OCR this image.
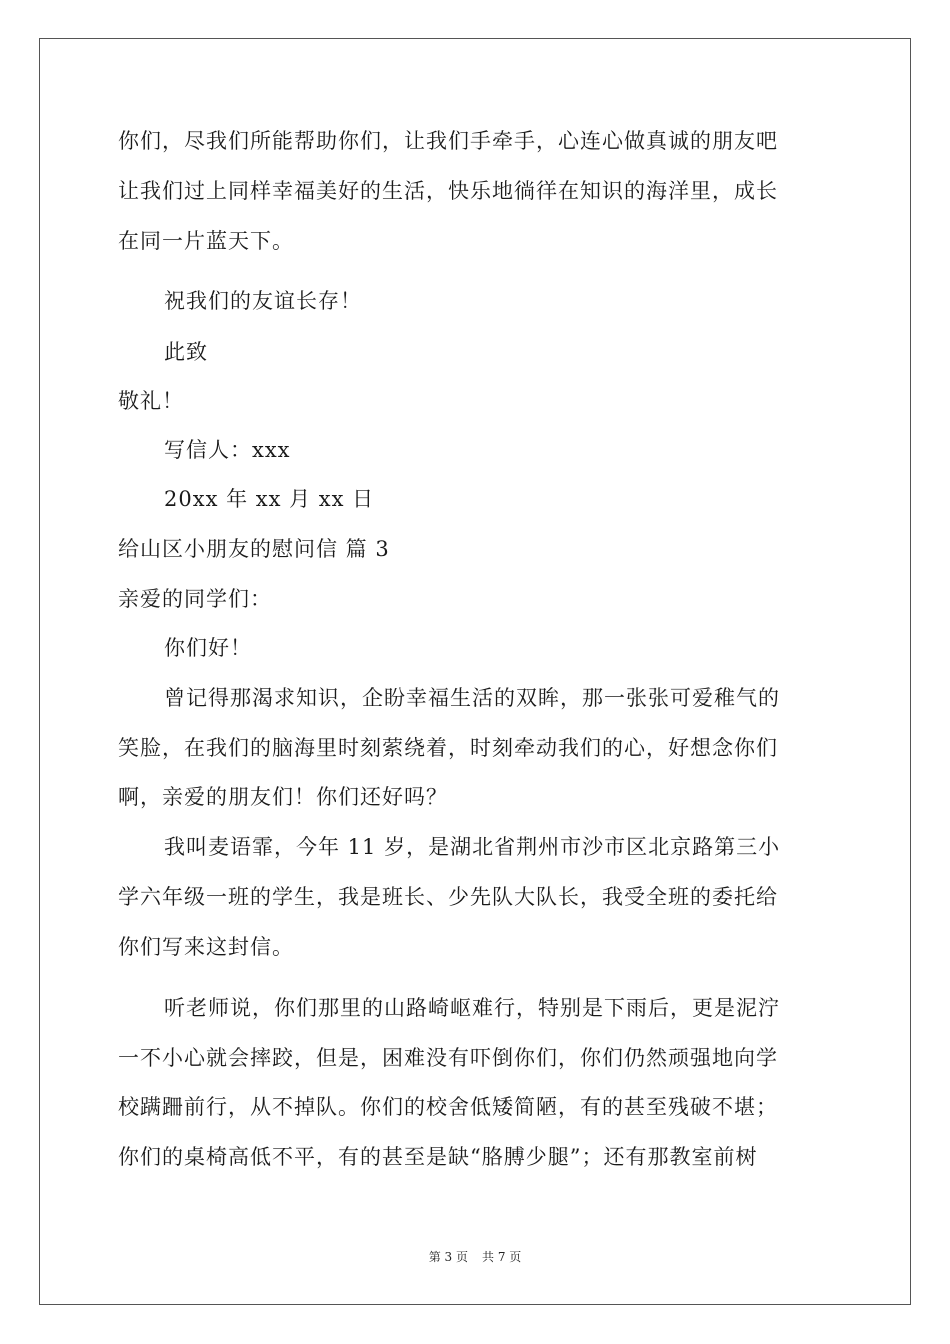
你们，尽我们所能帮助你们，让我们手牵手，心连心做真诚的朋友吧
让我们过上同样幸福美好的生活，快乐地徜徉在知识的海洋里，成长
在同一片蓝天下。
祝我们的友谊长存！
此致
敬礼！
写信人：xxx
20xx 年 xx 月 xx 日
给山区小朋友的慰问信 篇 3
亲爱的同学们：
你们好！
曾记得那渴求知识，企盼幸福生活的双眸，那一张张可爱稚气的
笑脸，在我们的脑海里时刻萦绕着，时刻牵动我们的心，好想念你们
啊，亲爱的朋友们！你们还好吗？
我叫麦语霏，今年 11 岁，是湖北省荆州市沙市区北京路第三小
学六年级一班的学生，我是班长、少先队大队长，我受全班的委托给
你们写来这封信。
听老师说，你们那里的山路崎岖难行，特别是下雨后，更是泥泞
一不小心就会摔跤，但是，困难没有吓倒你们，你们仍然顽强地向学
校蹒跚前行，从不掉队。你们的校舍低矮简陋，有的甚至残破不堪；
你们的桌椅高低不平，有的甚至是缺“胳膊少腿”；还有那教室前树
第 3 页 共 7 页
